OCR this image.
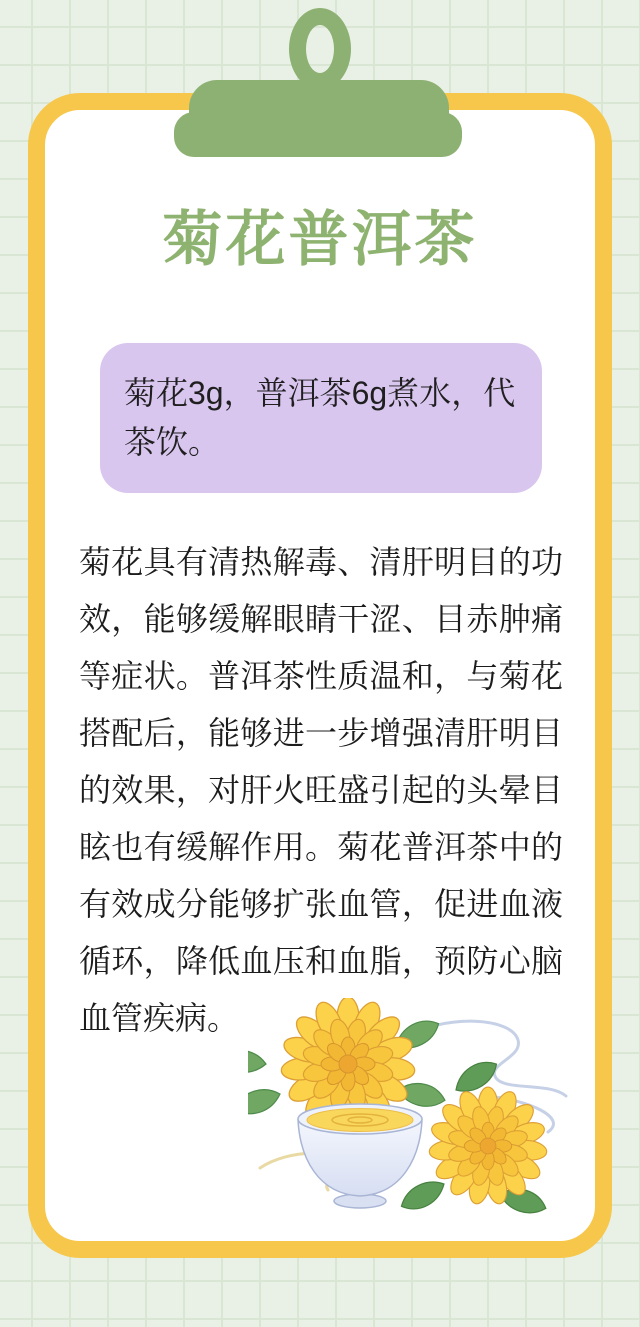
菊花普洱茶
菊花3g，普洱茶6g煮水，代茶饮。
菊花具有清热解毒、清肝明目的功效，能够缓解眼睛干涩、目赤肿痛等症状。普洱茶性质温和，与菊花搭配后，能够进一步增强清肝明目的效果，对肝火旺盛引起的头晕目眩也有缓解作用。菊花普洱茶中的有效成分能够扩张血管，促进血液循环，降低血压和血脂，预防心脑血管疾病。
